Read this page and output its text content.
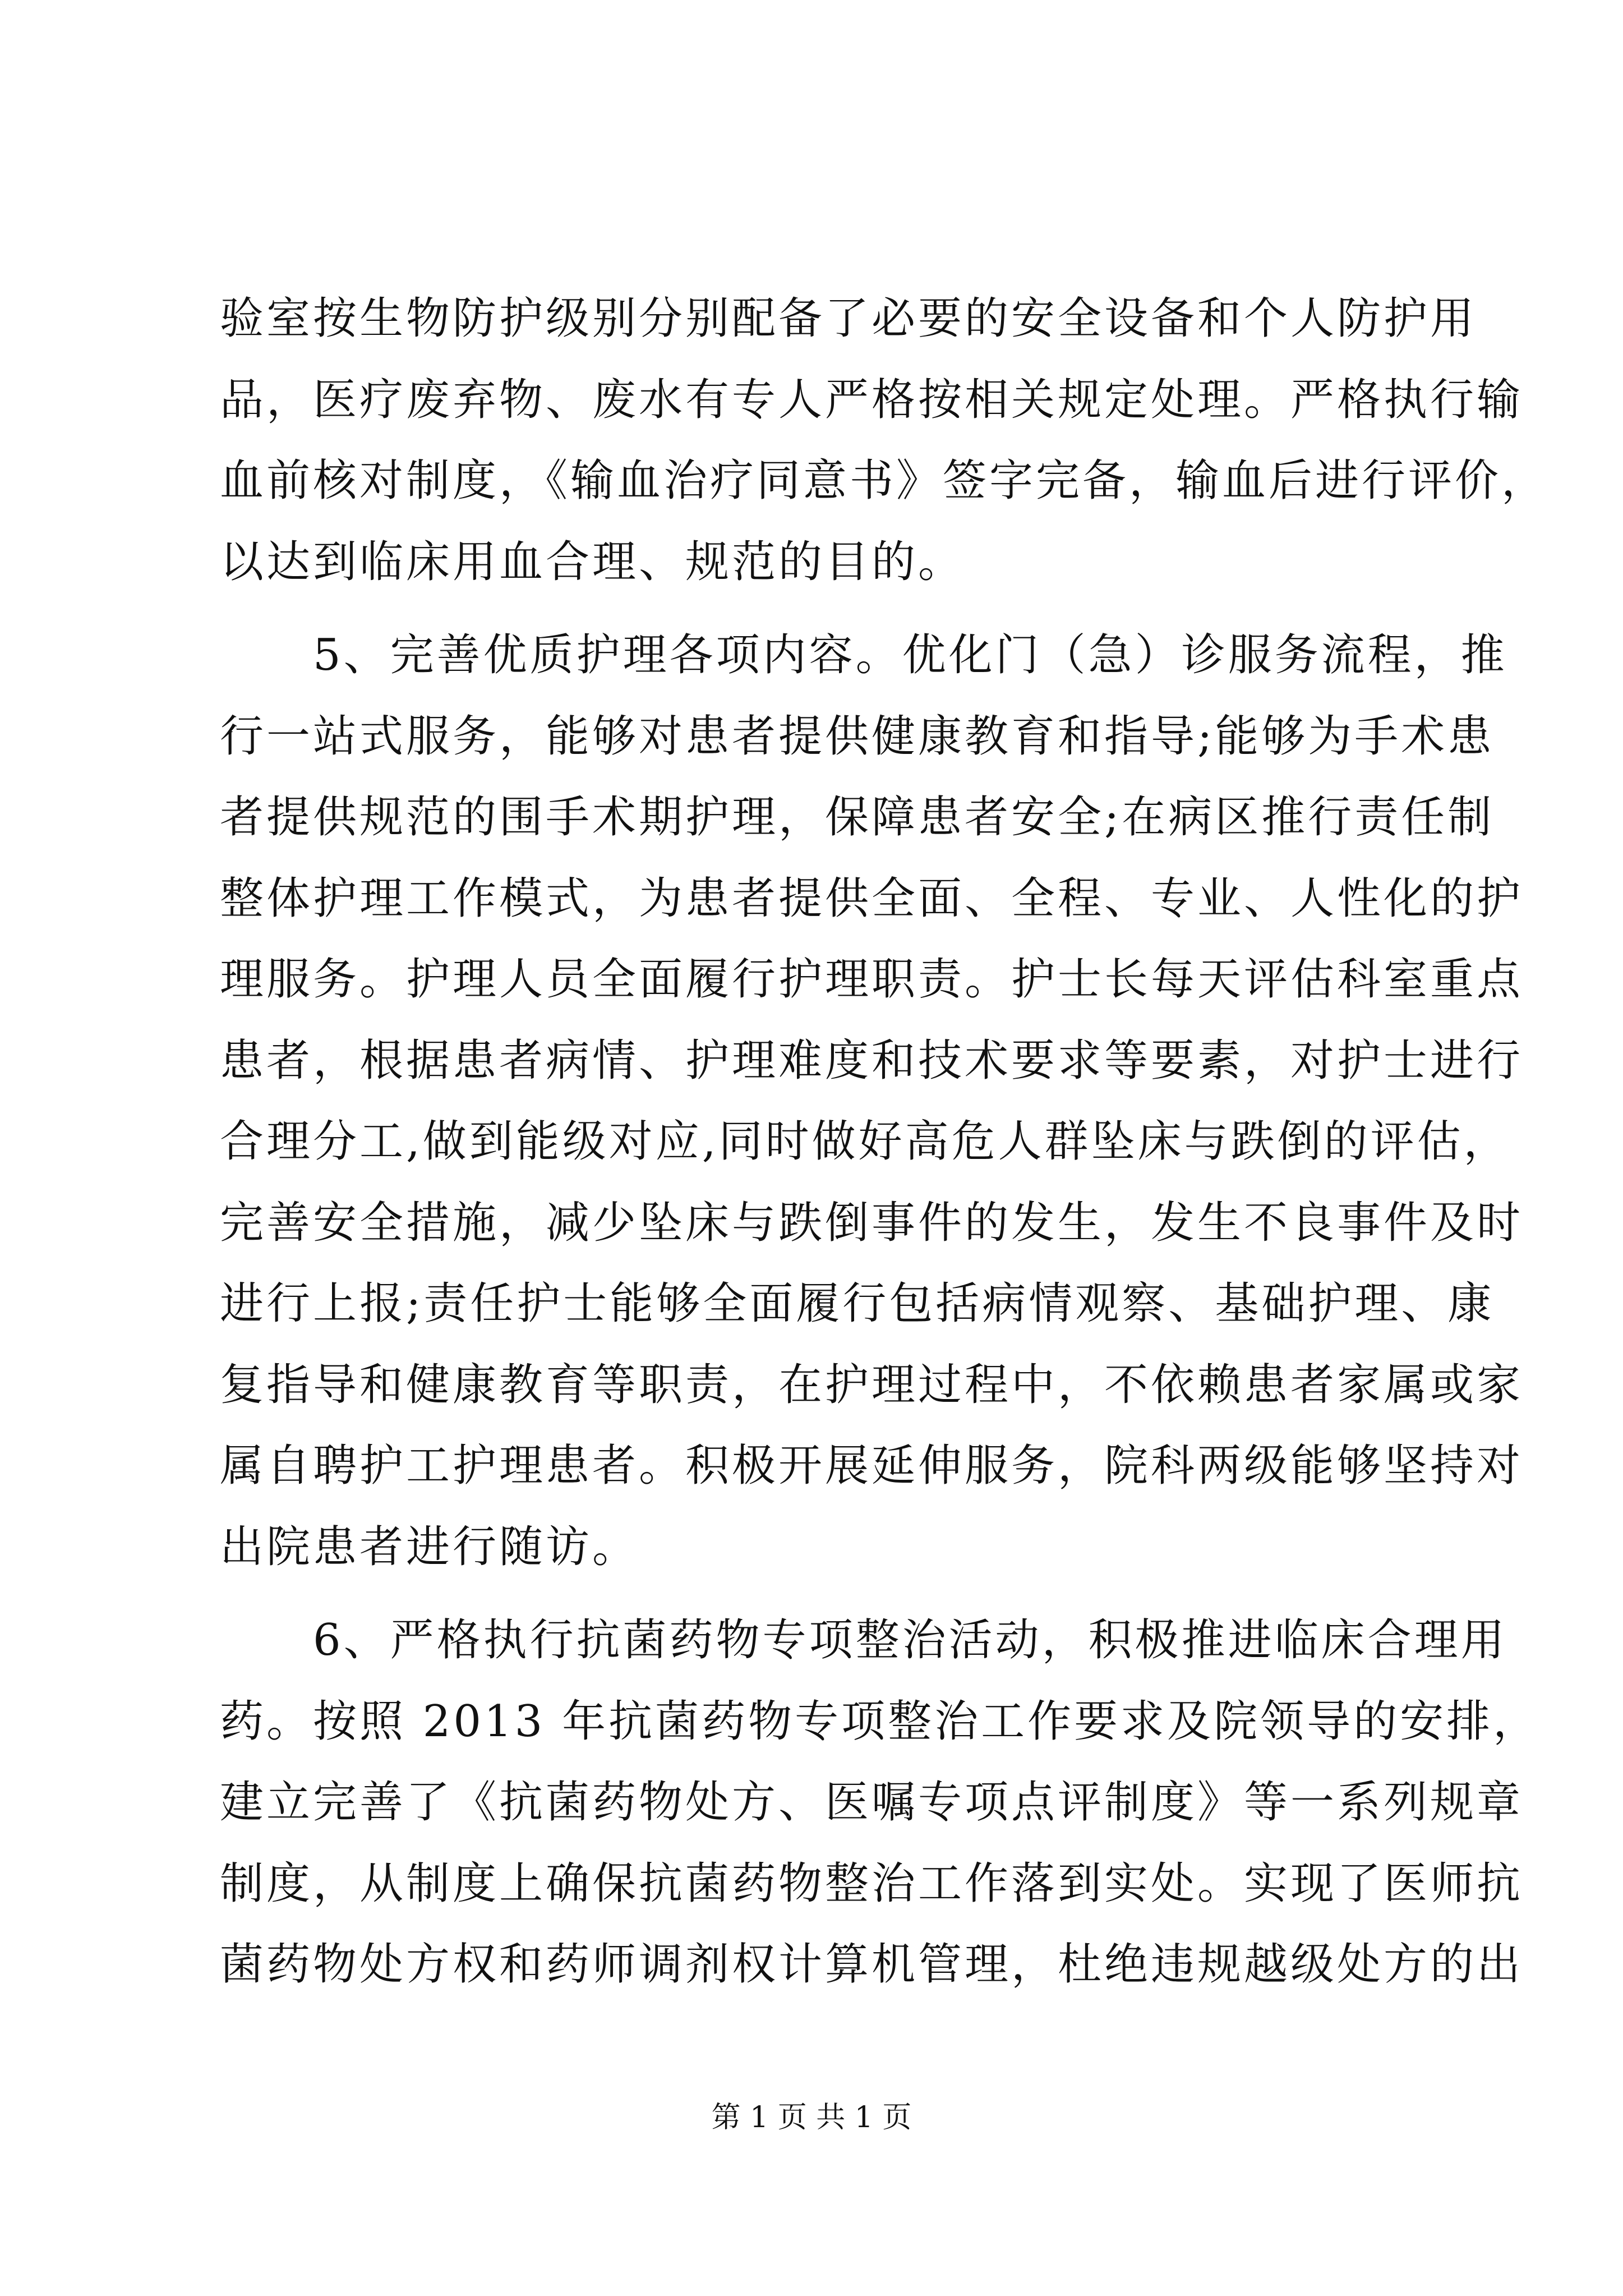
验室按生物防护级别分别配备了必要的安全设备和个人防护用
品，医疗废弃物、废水有专人严格按相关规定处理。严格执行输
血前核对制度，《输血治疗同意书》签字完备，输血后进行评价，
以达到临床用血合理、规范的目的。
　　5、完善优质护理各项内容。优化门（急）诊服务流程，推
行一站式服务，能够对患者提供健康教育和指导;能够为手术患
者提供规范的围手术期护理，保障患者安全;在病区推行责任制
整体护理工作模式，为患者提供全面、全程、专业、人性化的护
理服务。护理人员全面履行护理职责。护士长每天评估科室重点
患者，根据患者病情、护理难度和技术要求等要素，对护士进行
合理分工,做到能级对应,同时做好高危人群坠床与跌倒的评估，
完善安全措施，减少坠床与跌倒事件的发生，发生不良事件及时
进行上报;责任护士能够全面履行包括病情观察、基础护理、康
复指导和健康教育等职责，在护理过程中，不依赖患者家属或家
属自聘护工护理患者。积极开展延伸服务，院科两级能够坚持对
出院患者进行随访。
　　6、严格执行抗菌药物专项整治活动，积极推进临床合理用
药。按照 2013 年抗菌药物专项整治工作要求及院领导的安排，
建立完善了《抗菌药物处方、医嘱专项点评制度》等一系列规章
制度，从制度上确保抗菌药物整治工作落到实处。实现了医师抗
菌药物处方权和药师调剂权计算机管理，杜绝违规越级处方的出
第 1 页 共 1 页
